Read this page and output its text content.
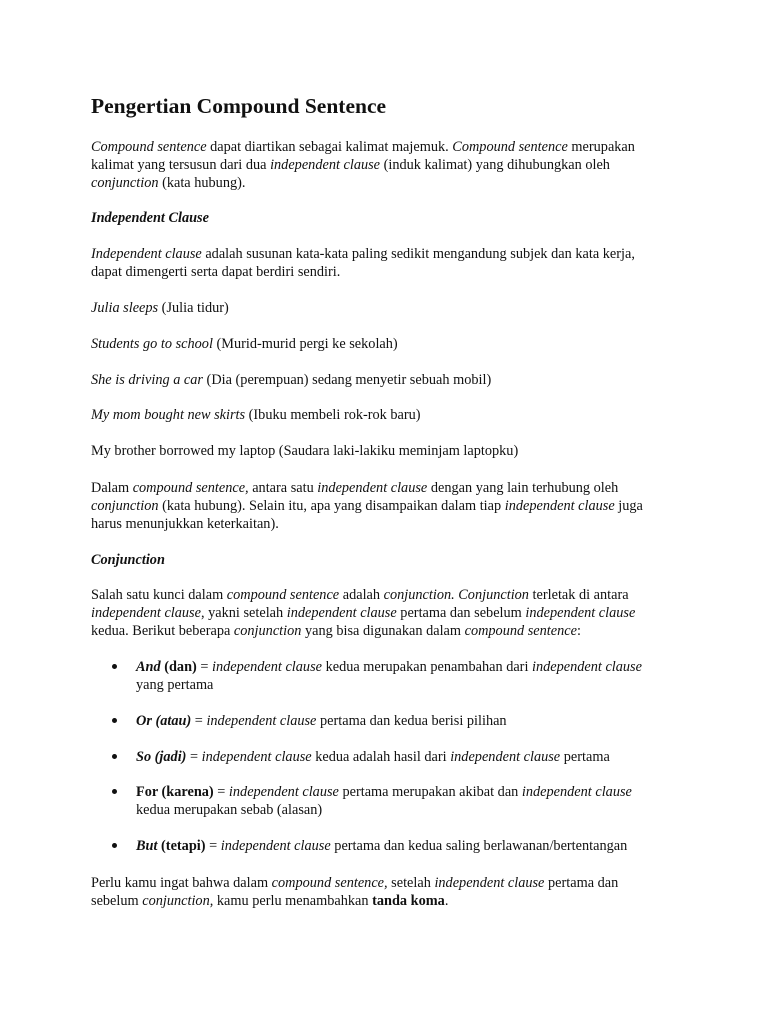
Pengertian Compound Sentence

Compound sentence dapat diartikan sebagai kalimat majemuk. Compound sentence merupakan
kalimat yang tersusun dari dua independent clause (induk kalimat) yang dihubungkan oleh
conjunction (kata hubung).

Independent Clause

Independent clause adalah susunan kata-kata paling sedikit mengandung subjek dan kata kerja,
dapat dimengerti serta dapat berdiri sendiri.

Julia sleeps (Julia tidur)

Students go to school (Murid-murid pergi ke sekolah)

She is driving a car (Dia (perempuan) sedang menyetir sebuah mobil)

My mom bought new skirts (Ibuku membeli rok-rok baru)

My brother borrowed my laptop (Saudara laki-lakiku meminjam laptopku)

Dalam compound sentence, antara satu independent clause dengan yang lain terhubung oleh
conjunction (kata hubung). Selain itu, apa yang disampaikan dalam tiap independent clause juga
harus menunjukkan keterkaitan).

Conjunction

Salah satu kunci dalam compound sentence adalah conjunction. Conjunction terletak di antara
independent clause, yakni setelah independent clause pertama dan sebelum independent clause
kedua. Berikut beberapa conjunction yang bisa digunakan dalam compound sentence:

And (dan) = independent clause kedua merupakan penambahan dari independent clause
yang pertama
Or (atau) = independent clause pertama dan kedua berisi pilihan
So (jadi) = independent clause kedua adalah hasil dari independent clause pertama
For (karena) = independent clause pertama merupakan akibat dan independent clause
kedua merupakan sebab (alasan)
But (tetapi) = independent clause pertama dan kedua saling berlawanan/bertentangan

Perlu kamu ingat bahwa dalam compound sentence, setelah independent clause pertama dan
sebelum conjunction, kamu perlu menambahkan tanda koma.
